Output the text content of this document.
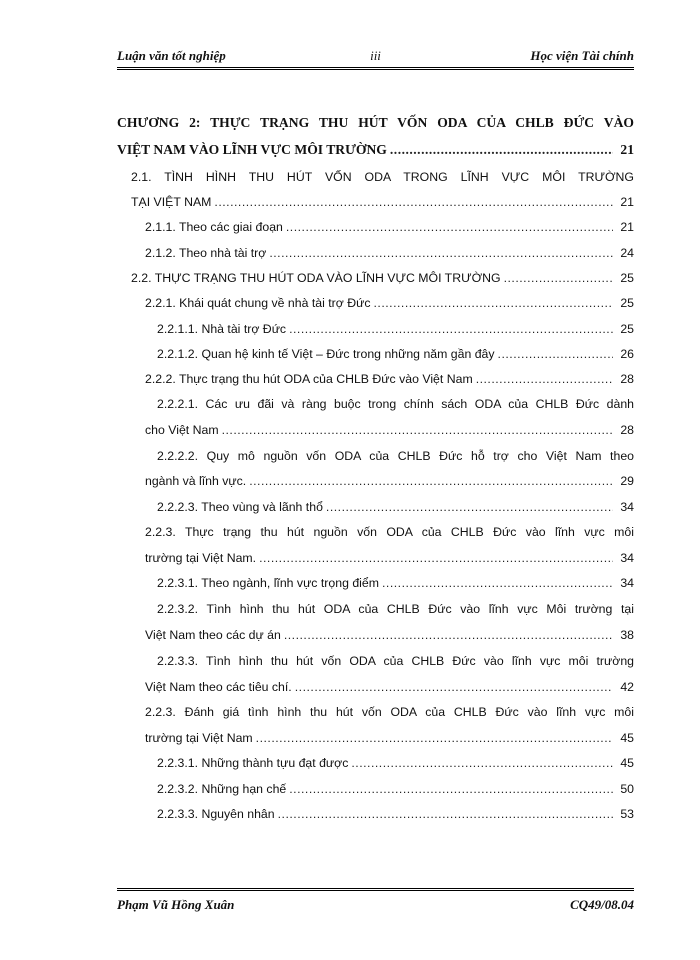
Luận văn tốt nghiệp	iii	Học viện Tài chính
CHƯƠNG 2: THỰC TRẠNG THU HÚT VỐN ODA CỦA CHLB ĐỨC VÀO
VIỆT NAM VÀO LĨNH VỰC MÔI TRƯỜNG .....	21
2.1. TÌNH HÌNH THU HÚT VỐN ODA TRONG LĨNH VỰC MÔI TRƯỜNG
TẠI VIỆT NAM .....	21
2.1.1. Theo các giai đoạn .....	21
2.1.2. Theo nhà tài trợ .....	24
2.2. THỰC TRẠNG THU HÚT ODA VÀO LĨNH VỰC MÔI TRƯỜNG .....	25
2.2.1. Khái quát chung về nhà tài trợ Đức .....	25
2.2.1.1. Nhà tài trợ Đức .....	25
2.2.1.2. Quan hệ kinh tế Việt – Đức trong những năm gần đây .....	26
2.2.2. Thực trạng thu hút ODA của CHLB Đức vào Việt Nam .....	28
2.2.2.1. Các ưu đãi và ràng buộc trong chính sách ODA của CHLB Đức dành
cho Việt Nam .....	28
2.2.2.2. Quy mô nguồn vốn ODA của CHLB Đức hỗ trợ cho Việt Nam theo
ngành và lĩnh vực. .....	29
2.2.2.3. Theo vùng và lãnh thổ .....	34
2.2.3. Thực trạng thu hút nguồn vốn ODA của CHLB Đức vào lĩnh vực môi
trường tại Việt Nam. .....	34
2.2.3.1. Theo ngành, lĩnh vực trọng điểm .....	34
2.2.3.2. Tình hình thu hút ODA của CHLB Đức vào lĩnh vực Môi trường tại
Việt Nam theo các dự án .....	38
2.2.3.3. Tình hình thu hút vốn ODA của CHLB Đức vào lĩnh vực môi trường
Việt Nam theo các tiêu chí. .....	42
2.2.3. Đánh giá tình hình thu hút vốn ODA của CHLB Đức vào lĩnh vực môi
trường tại Việt Nam .....	45
2.2.3.1. Những thành tựu đạt được .....	45
2.2.3.2. Những hạn chế .....	50
2.2.3.3. Nguyên nhân .....	53
Phạm Vũ Hồng Xuân	CQ49/08.04
